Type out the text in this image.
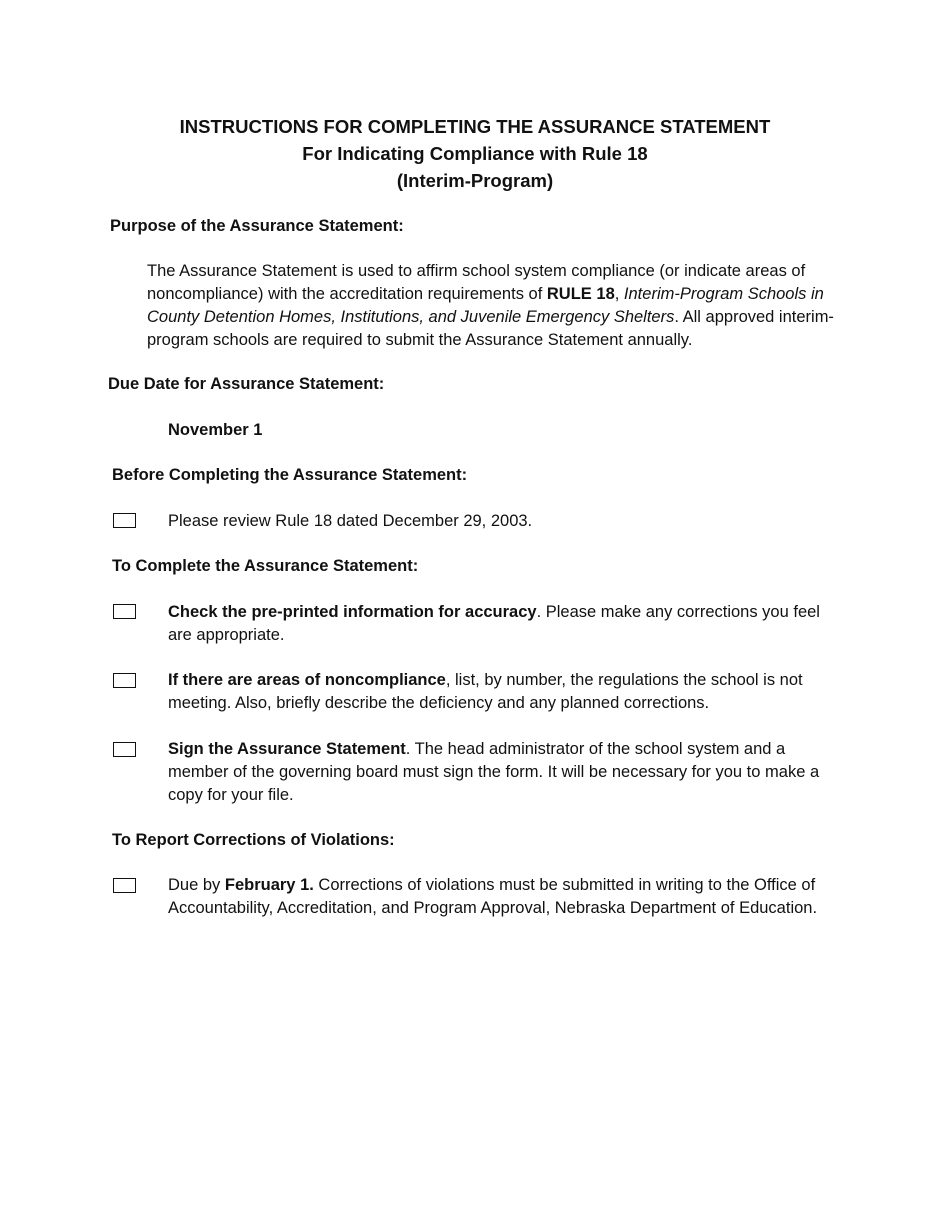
INSTRUCTIONS FOR COMPLETING THE ASSURANCE STATEMENT
For Indicating Compliance with Rule 18
(Interim-Program)
Purpose of the Assurance Statement:
The Assurance Statement is used to affirm school system compliance (or indicate areas of noncompliance) with the accreditation requirements of RULE 18, Interim-Program Schools in County Detention Homes, Institutions, and Juvenile Emergency Shelters. All approved interim-program schools are required to submit the Assurance Statement annually.
Due Date for Assurance Statement:
November 1
Before Completing the Assurance Statement:
Please review Rule 18 dated December 29, 2003.
To Complete the Assurance Statement:
Check the pre-printed information for accuracy. Please make any corrections you feel are appropriate.
If there are areas of noncompliance, list, by number, the regulations the school is not meeting. Also, briefly describe the deficiency and any planned corrections.
Sign the Assurance Statement. The head administrator of the school system and a member of the governing board must sign the form. It will be necessary for you to make a copy for your file.
To Report Corrections of Violations:
Due by February 1. Corrections of violations must be submitted in writing to the Office of Accountability, Accreditation, and Program Approval, Nebraska Department of Education.
